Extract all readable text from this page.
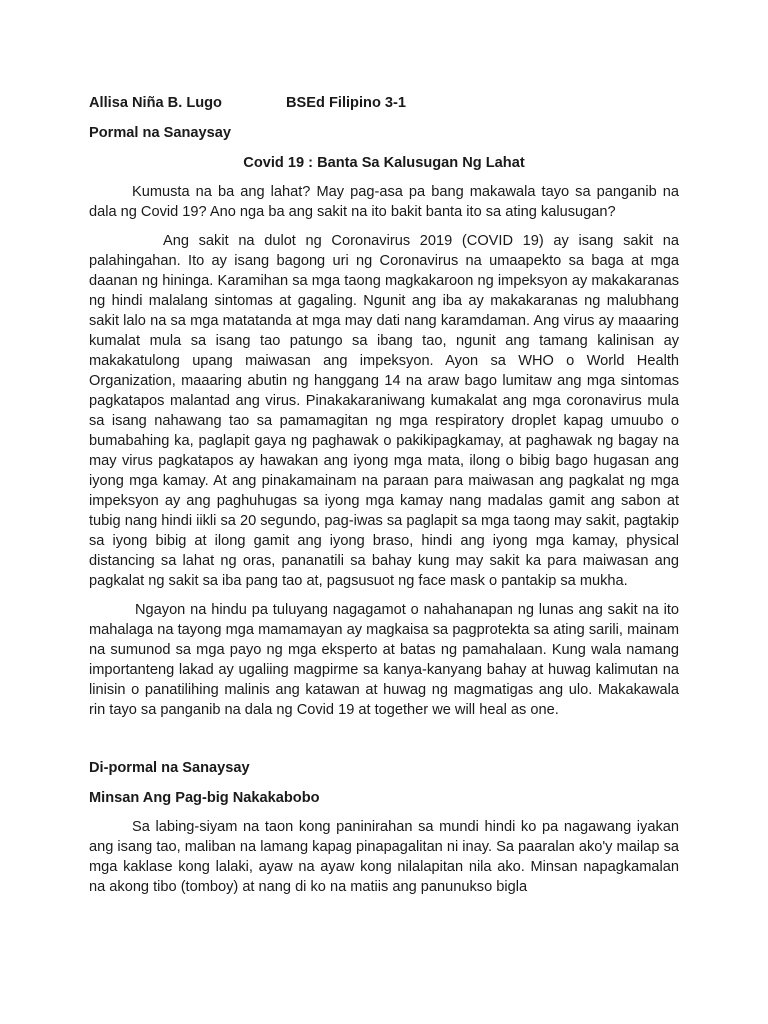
Allisa Niña B. Lugo	BSEd Filipino 3-1
Pormal na Sanaysay
Covid 19 : Banta Sa Kalusugan Ng Lahat

Kumusta na ba ang lahat? May pag-asa pa bang makawala tayo sa panganib na dala ng Covid 19? Ano nga ba ang sakit na ito bakit banta ito sa ating kalusugan?

Ang sakit na dulot ng Coronavirus 2019 (COVID 19) ay isang sakit na palahingahan. Ito ay isang bagong uri ng Coronavirus na umaapekto sa baga at mga daanan ng hininga. Karamihan sa mga taong magkakaroon ng impeksyon ay makakaranas ng hindi malalang sintomas at gagaling. Ngunit ang iba ay makakaranas ng malubhang sakit lalo na sa mga matatanda at mga may dati nang karamdaman. Ang virus ay maaaring kumalat mula sa isang tao patungo sa ibang tao, ngunit ang tamang kalinisan ay makakatulong upang maiwasan ang impeksyon. Ayon sa WHO o World Health Organization, maaaring abutin ng hanggang 14 na araw bago lumitaw ang mga sintomas pagkatapos malantad ang virus. Pinakakaraniwang kumakalat ang mga coronavirus mula sa isang nahawang tao sa pamamagitan ng mga respiratory droplet kapag umuubo o bumabahing ka, paglapit gaya ng paghawak o pakikipagkamay, at paghawak ng bagay na may virus pagkatapos ay hawakan ang iyong mga mata, ilong o bibig bago hugasan ang iyong mga kamay. At ang pinakamainam na paraan para maiwasan ang pagkalat ng mga impeksyon ay ang paghuhugas sa iyong mga kamay nang madalas gamit ang sabon at tubig nang hindi iikli sa 20 segundo, pag-iwas sa paglapit sa mga taong may sakit, pagtakip sa iyong bibig at ilong gamit ang iyong braso, hindi ang iyong mga kamay, physical distancing sa lahat ng oras, pananatili sa bahay kung may sakit ka para maiwasan ang pagkalat ng sakit sa iba pang tao at, pagsusuot ng face mask o pantakip sa mukha.

Ngayon na hindu pa tuluyang nagagamot o nahahanapan ng lunas ang sakit na ito mahalaga na tayong mga mamamayan ay magkaisa sa pagprotekta sa ating sarili, mainam na sumunod sa mga payo ng mga eksperto at batas ng pamahalaan. Kung wala namang importanteng lakad ay ugaliing magpirme sa kanya-kanyang bahay at huwag kalimutan na linisin o panatilihing malinis ang katawan at huwag ng magmatigas ang ulo. Makakawala rin tayo sa panganib na dala ng Covid 19 at together we will heal as one.

Di-pormal na Sanaysay
Minsan Ang Pag-big Nakakabobo

Sa labing-siyam na taon kong paninirahan sa mundi hindi ko pa nagawang iyakan ang isang tao, maliban na lamang kapag pinapagalitan ni inay. Sa paaralan ako'y mailap sa mga kaklase kong lalaki, ayaw na ayaw kong nilalapitan nila ako. Minsan napagkamalan na akong tibo (tomboy) at nang di ko na matiis ang panunukso bigla
